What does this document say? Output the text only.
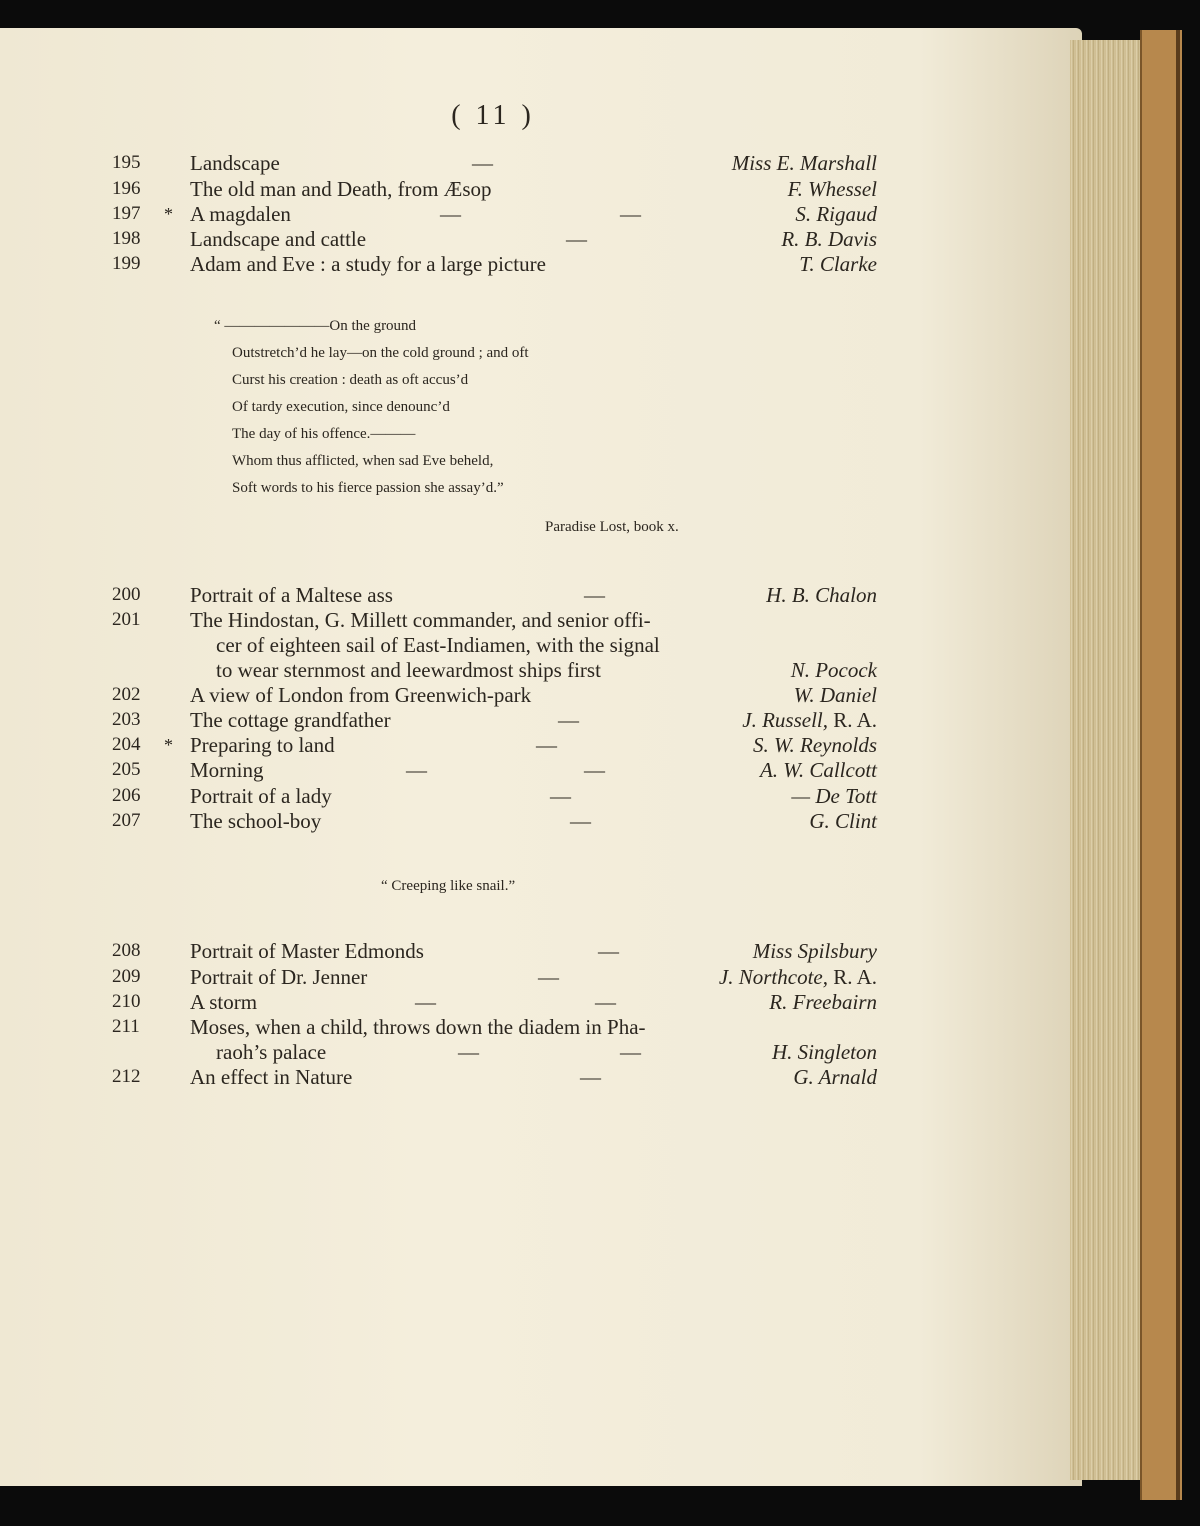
( 11 )
195	Landscape	—	Miss E. Marshall
196	The old man and Death, from Æsop	F. Whessel
197	* A magdalen	—	—	S. Rigaud
198	Landscape and cattle	—	R. B. Davis
199	Adam and Eve : a study for a large picture	T. Clarke
“ ———————On the ground
Outstretch’d he lay—on the cold ground ; and oft
Curst his creation : death as oft accus’d
Of tardy execution, since denounc’d
The day of his offence.———
Whom thus afflicted, when sad Eve beheld,
Soft words to his fierce passion she assay’d.”
Paradise Lost, book x.
200	Portrait of a Maltese ass	—	H. B. Chalon
201	The Hindostan, G. Millett commander, and senior offi-
cer of eighteen sail of East-Indiamen, with the signal
to wear sternmost and leewardmost ships first	N. Pocock
202	A view of London from Greenwich-park	W. Daniel
203	The cottage grandfather	—	J. Russell, R. A.
204	* Preparing to land	—	S. W. Reynolds
205	Morning	—	—	A. W. Callcott
206	Portrait of a lady	—	— De Tott
207	The school-boy	—	G. Clint
“ Creeping like snail.”
208	Portrait of Master Edmonds	—	Miss Spilsbury
209	Portrait of Dr. Jenner	—	J. Northcote, R. A.
210	A storm	—	—	R. Freebairn
211	Moses, when a child, throws down the diadem in Pha-
raoh’s palace	—	—	H. Singleton
212	An effect in Nature	—	G. Arnald
